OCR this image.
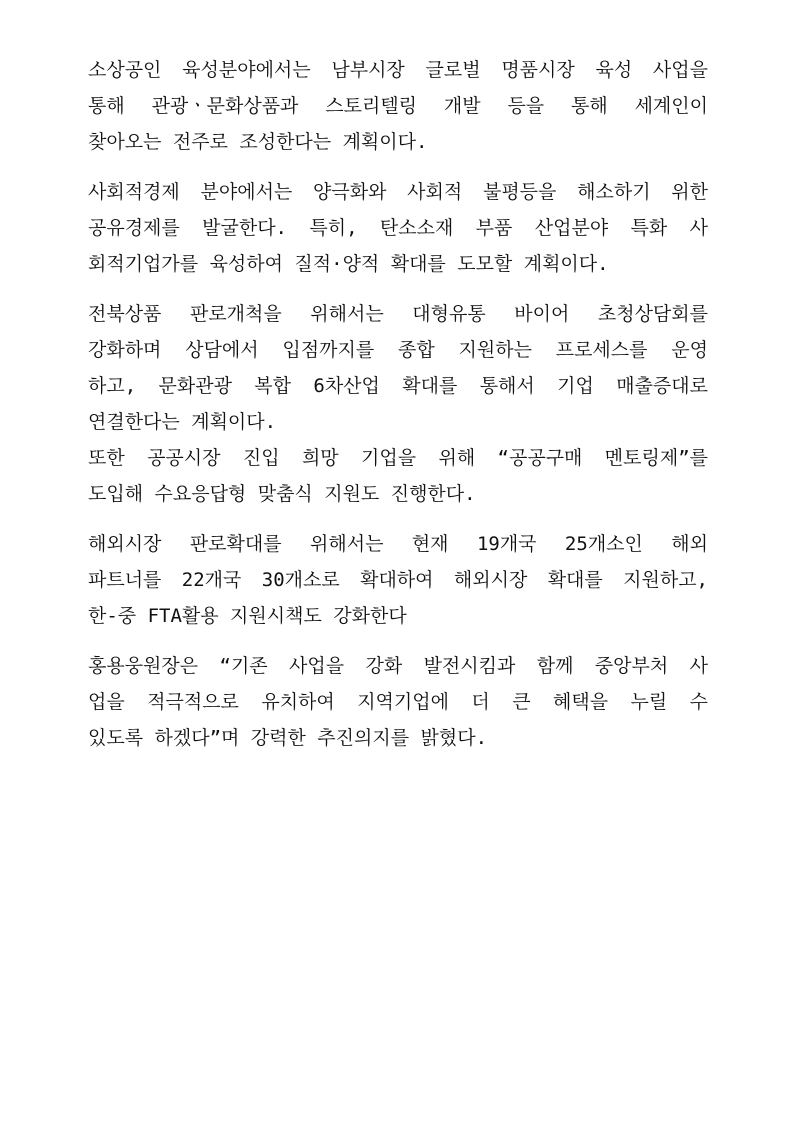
소상공인 육성분야에서는 남부시장 글로벌 명품시장 육성 사업을
통해 관광ㆍ문화상품과 스토리텔링 개발 등을 통해 세계인이
찾아오는 전주로 조성한다는 계획이다.

사회적경제 분야에서는 양극화와 사회적 불평등을 해소하기 위한
공유경제를 발굴한다. 특히, 탄소소재 부품 산업분야 특화 사
회적기업가를 육성하여 질적·양적 확대를 도모할 계획이다.

전북상품 판로개척을 위해서는 대형유통 바이어 초청상담회를
강화하며 상담에서 입점까지를 종합 지원하는 프로세스를 운영
하고, 문화관광 복합 6차산업 확대를 통해서 기업 매출증대로
연결한다는 계획이다.

또한 공공시장 진입 희망 기업을 위해 “공공구매 멘토링제”를
도입해 수요응답형 맞춤식 지원도 진행한다.

해외시장 판로확대를 위해서는 현재 19개국 25개소인 해외
파트너를 22개국 30개소로 확대하여 해외시장 확대를 지원하고,
한-중 FTA활용 지원시책도 강화한다

홍용웅원장은 “기존 사업을 강화 발전시킴과 함께 중앙부처 사
업을 적극적으로 유치하여 지역기업에 더 큰 혜택을 누릴 수
있도록 하겠다”며 강력한 추진의지를 밝혔다.
